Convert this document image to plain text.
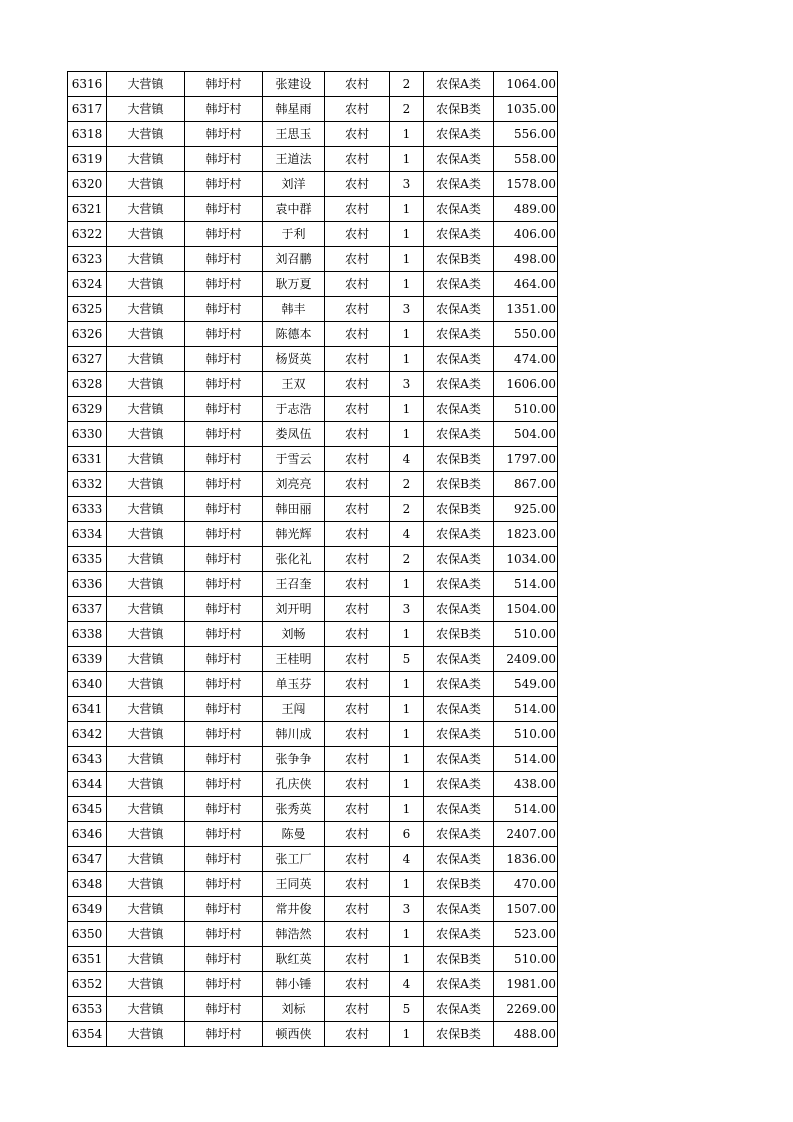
6316	大营镇	韩圩村	张建设	农村	2	农保A类	1064.00
6317	大营镇	韩圩村	韩星雨	农村	2	农保B类	1035.00
6318	大营镇	韩圩村	王思玉	农村	1	农保A类	556.00
6319	大营镇	韩圩村	王道法	农村	1	农保A类	558.00
6320	大营镇	韩圩村	刘洋	农村	3	农保A类	1578.00
6321	大营镇	韩圩村	袁中群	农村	1	农保A类	489.00
6322	大营镇	韩圩村	于利	农村	1	农保A类	406.00
6323	大营镇	韩圩村	刘召鹏	农村	1	农保B类	498.00
6324	大营镇	韩圩村	耿万夏	农村	1	农保A类	464.00
6325	大营镇	韩圩村	韩丰	农村	3	农保A类	1351.00
6326	大营镇	韩圩村	陈德本	农村	1	农保A类	550.00
6327	大营镇	韩圩村	杨贤英	农村	1	农保A类	474.00
6328	大营镇	韩圩村	王双	农村	3	农保A类	1606.00
6329	大营镇	韩圩村	于志浩	农村	1	农保A类	510.00
6330	大营镇	韩圩村	娄凤伍	农村	1	农保A类	504.00
6331	大营镇	韩圩村	于雪云	农村	4	农保B类	1797.00
6332	大营镇	韩圩村	刘亮亮	农村	2	农保B类	867.00
6333	大营镇	韩圩村	韩田丽	农村	2	农保B类	925.00
6334	大营镇	韩圩村	韩光辉	农村	4	农保A类	1823.00
6335	大营镇	韩圩村	张化礼	农村	2	农保A类	1034.00
6336	大营镇	韩圩村	王召奎	农村	1	农保A类	514.00
6337	大营镇	韩圩村	刘开明	农村	3	农保A类	1504.00
6338	大营镇	韩圩村	刘畅	农村	1	农保B类	510.00
6339	大营镇	韩圩村	王桂明	农村	5	农保A类	2409.00
6340	大营镇	韩圩村	单玉芬	农村	1	农保A类	549.00
6341	大营镇	韩圩村	王闯	农村	1	农保A类	514.00
6342	大营镇	韩圩村	韩川成	农村	1	农保A类	510.00
6343	大营镇	韩圩村	张争争	农村	1	农保A类	514.00
6344	大营镇	韩圩村	孔庆侠	农村	1	农保A类	438.00
6345	大营镇	韩圩村	张秀英	农村	1	农保A类	514.00
6346	大营镇	韩圩村	陈曼	农村	6	农保A类	2407.00
6347	大营镇	韩圩村	张工厂	农村	4	农保A类	1836.00
6348	大营镇	韩圩村	王同英	农村	1	农保B类	470.00
6349	大营镇	韩圩村	常井俊	农村	3	农保A类	1507.00
6350	大营镇	韩圩村	韩浩然	农村	1	农保A类	523.00
6351	大营镇	韩圩村	耿红英	农村	1	农保B类	510.00
6352	大营镇	韩圩村	韩小锤	农村	4	农保A类	1981.00
6353	大营镇	韩圩村	刘标	农村	5	农保A类	2269.00
6354	大营镇	韩圩村	顿西侠	农村	1	农保B类	488.00
